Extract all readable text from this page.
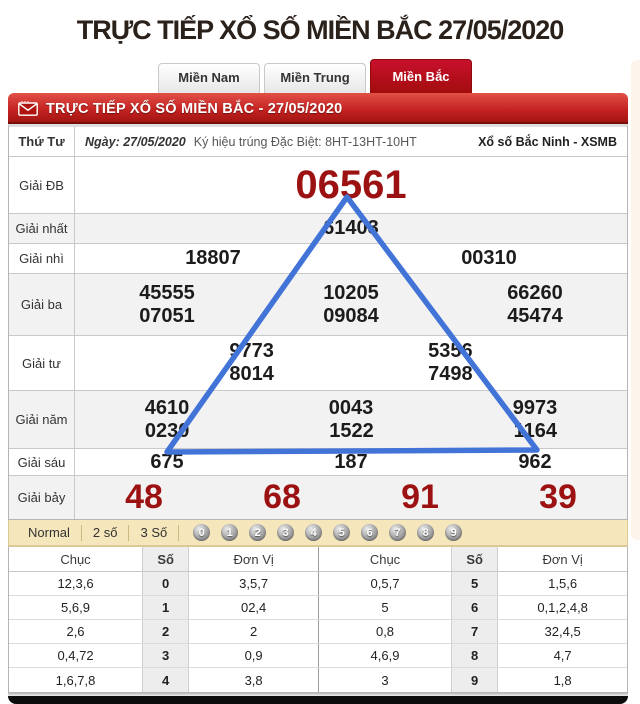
TRỰC TIẾP XỔ SỐ MIỀN BẮC 27/05/2020
Miền Nam	Miền Trung	Miền Bắc
TRỰC TIẾP XỔ SỐ MIỀN BẮC - 27/05/2020
Thứ Tư	Ngày: 27/05/2020 Ký hiệu trúng Đặc Biệt: 8HT-13HT-10HT	Xổ số Bắc Ninh - XSMB
Giải ĐB	06561
Giải nhất	61403
Giải nhì	18807	00310
Giải ba
45555	10205	66260
07051	09084	45474
Giải tư
9773	5356
8014	7498
Giải năm
4610	0043	9973
0230	1522	1164
Giải sáu	675	187	962
Giải bảy 48	68	91	39
Normal	2 số	3 Số	0	1	2	3	4	5	6	7	8	9
Chục	Số	Đơn Vị	Chục	Số	Đơn Vị
12,3,6	0	3,5,7	0,5,7	5	1,5,6
5,6,9	1	02,4	5	6	0,1,2,4,8
2,6	2	2	0,8	7	32,4,5
0,4,72	3	0,9	4,6,9	8	4,7
1,6,7,8	4	3,8	3	9	1,8
